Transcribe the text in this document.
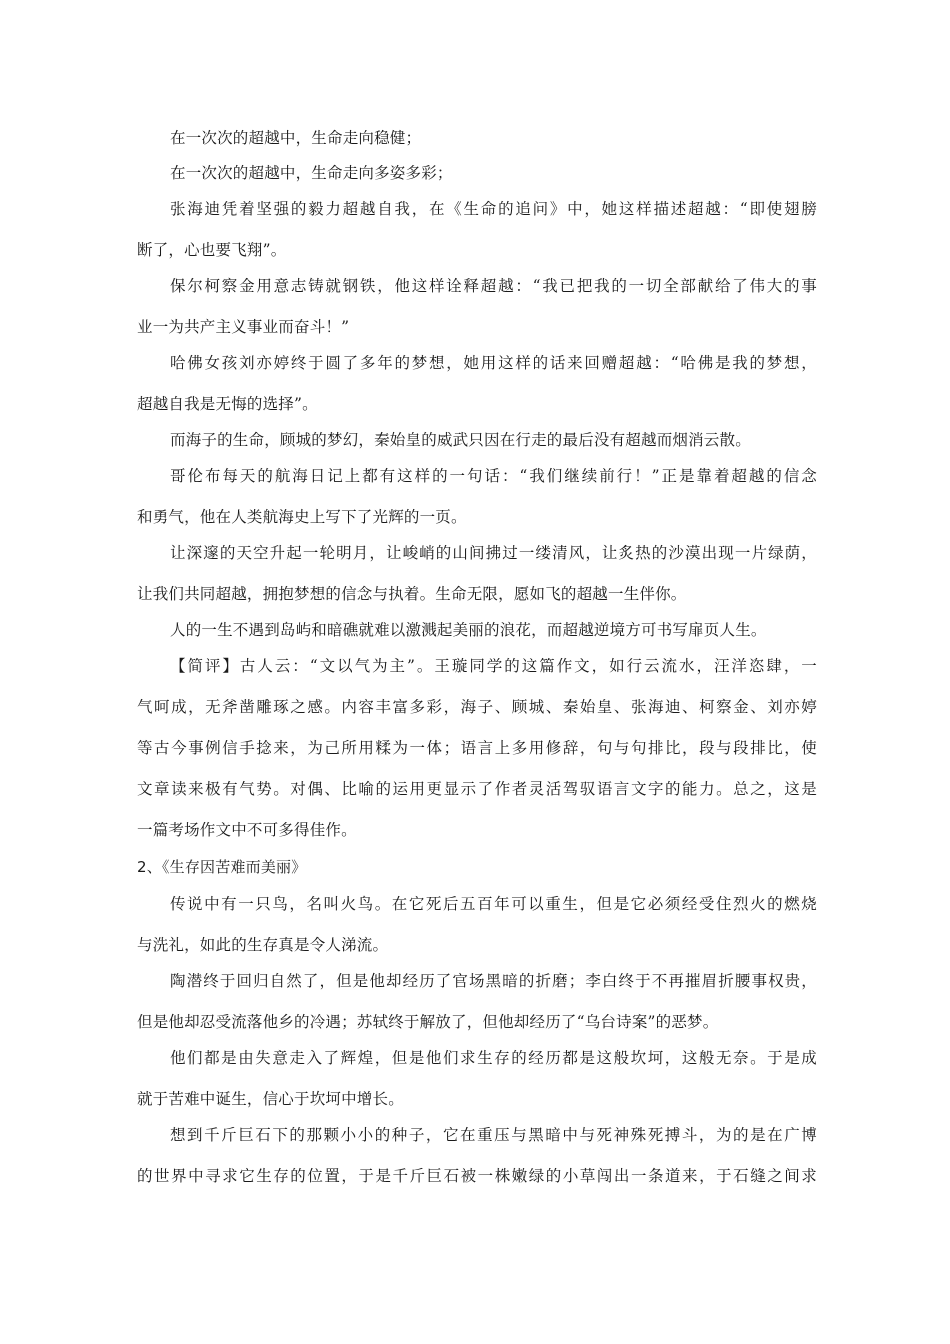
在一次次的超越中，生命走向稳健；
在一次次的超越中，生命走向多姿多彩；
张海迪凭着坚强的毅力超越自我，在《生命的追问》中，她这样描述超越：“即使翅膀
断了，心也要飞翔”。
保尔柯察金用意志铸就钢铁，他这样诠释超越：“我已把我的一切全部献给了伟大的事
业一为共产主义事业而奋斗！”
哈佛女孩刘亦婷终于圆了多年的梦想，她用这样的话来回赠超越：“哈佛是我的梦想，
超越自我是无悔的选择”。
而海子的生命，顾城的梦幻，秦始皇的威武只因在行走的最后没有超越而烟消云散。
哥伦布每天的航海日记上都有这样的一句话：“我们继续前行！”正是靠着超越的信念
和勇气，他在人类航海史上写下了光辉的一页。
让深邃的天空升起一轮明月，让峻峭的山间拂过一缕清风，让炙热的沙漠出现一片绿荫，
让我们共同超越，拥抱梦想的信念与执着。生命无限，愿如飞的超越一生伴你。
人的一生不遇到岛屿和暗礁就难以激溅起美丽的浪花，而超越逆境方可书写扉页人生。
【简评】古人云：“文以气为主”。王璇同学的这篇作文，如行云流水，汪洋恣肆，一
气呵成，无斧凿雕琢之感。内容丰富多彩，海子、顾城、秦始皇、张海迪、柯察金、刘亦婷
等古今事例信手捻来，为己所用糅为一体；语言上多用修辞，句与句排比，段与段排比，使
文章读来极有气势。对偶、比喻的运用更显示了作者灵活驾驭语言文字的能力。总之，这是
一篇考场作文中不可多得佳作。
2、《生存因苦难而美丽》
传说中有一只鸟，名叫火鸟。在它死后五百年可以重生，但是它必须经受住烈火的燃烧
与洗礼，如此的生存真是令人涕流。
陶潜终于回归自然了，但是他却经历了官场黑暗的折磨；李白终于不再摧眉折腰事权贵，
但是他却忍受流落他乡的冷遇；苏轼终于解放了，但他却经历了“乌台诗案”的恶梦。
他们都是由失意走入了辉煌，但是他们求生存的经历都是这般坎坷，这般无奈。于是成
就于苦难中诞生，信心于坎坷中增长。
想到千斤巨石下的那颗小小的种子，它在重压与黑暗中与死神殊死搏斗，为的是在广博
的世界中寻求它生存的位置，于是千斤巨石被一株嫩绿的小草闯出一条道来，于石缝之间求
